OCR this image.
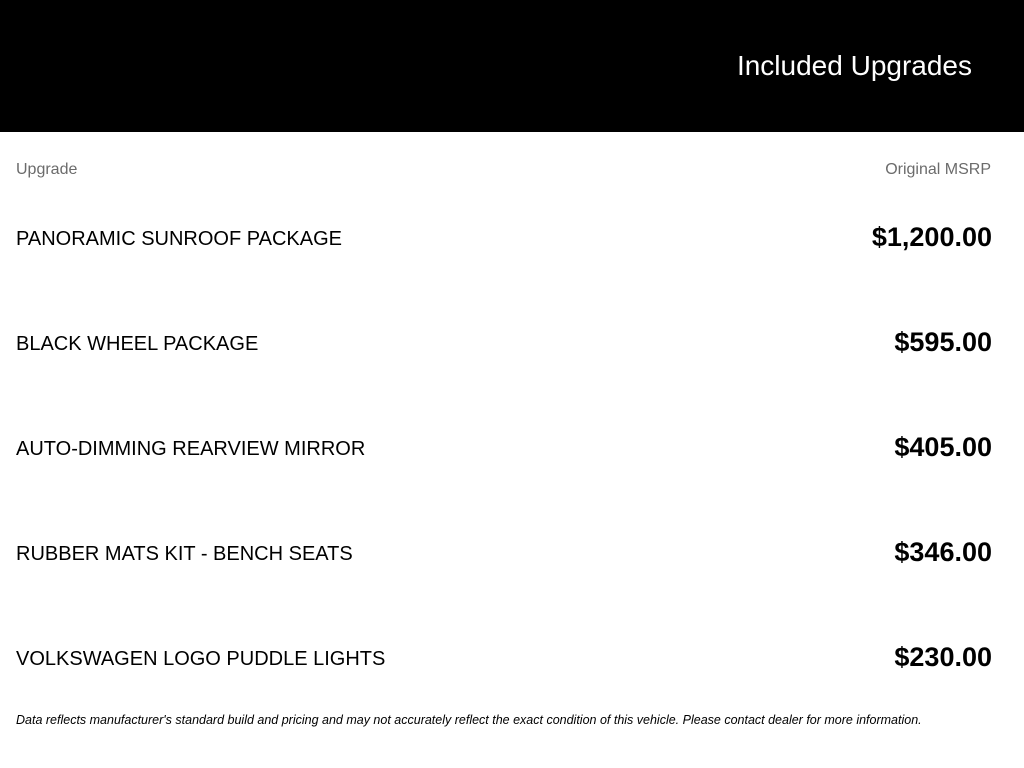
Included Upgrades
Upgrade	Original MSRP
PANORAMIC SUNROOF PACKAGE	$1,200.00
BLACK WHEEL PACKAGE	$595.00
AUTO-DIMMING REARVIEW MIRROR	$405.00
RUBBER MATS KIT - BENCH SEATS	$346.00
VOLKSWAGEN LOGO PUDDLE LIGHTS	$230.00
Data reflects manufacturer's standard build and pricing and may not accurately reflect the exact condition of this vehicle. Please contact dealer for more information.
